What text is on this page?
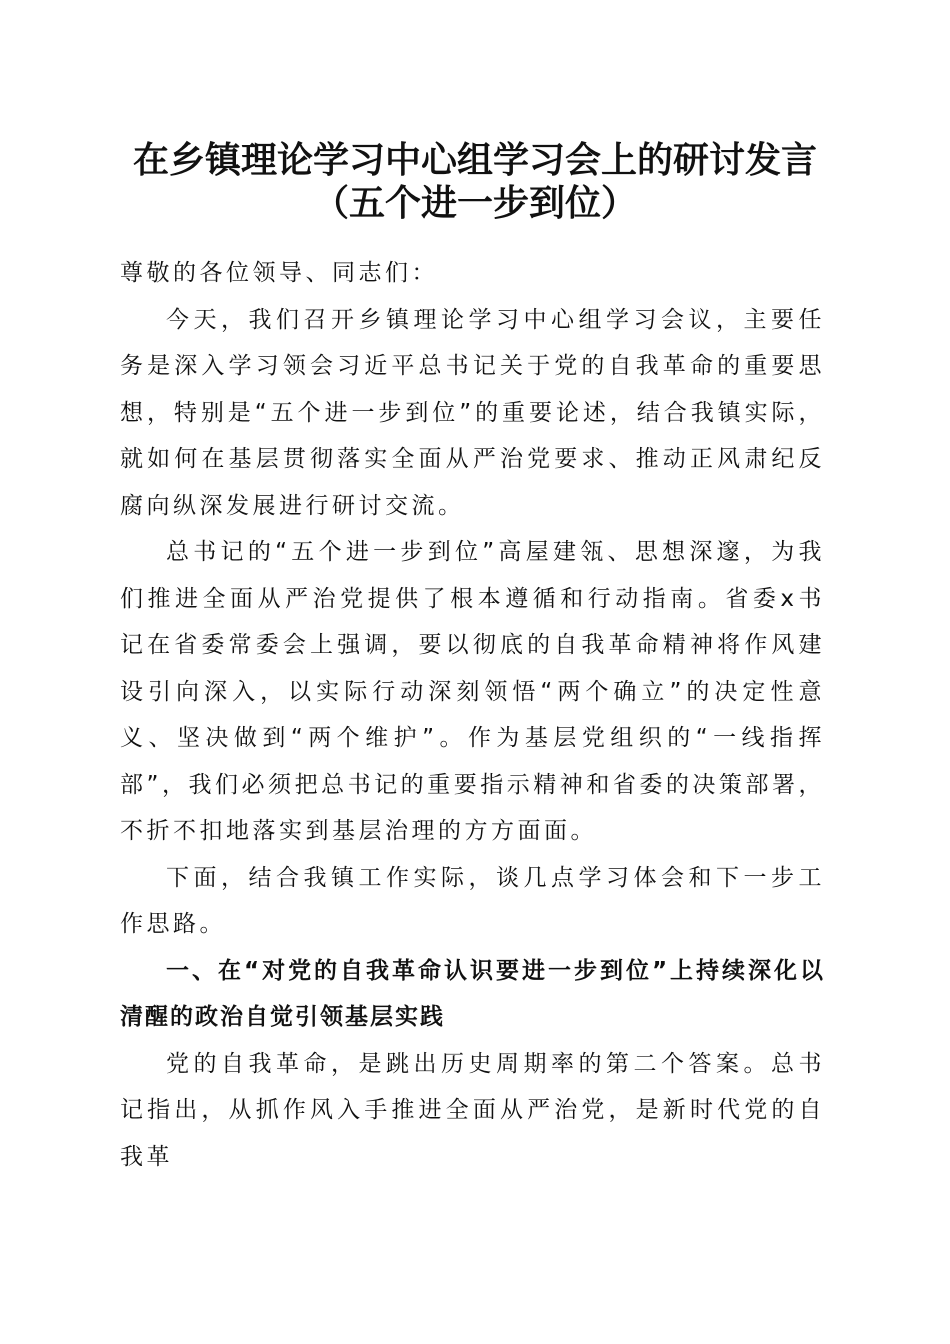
在乡镇理论学习中心组学习会上的研讨发言
（五个进一步到位）

尊敬的各位领导、同志们：

今天，我们召开乡镇理论学习中心组学习会议，主要任务是深入学习领会习近平总书记关于党的自我革命的重要思想，特别是“五个进一步到位”的重要论述，结合我镇实际，就如何在基层贯彻落实全面从严治党要求、推动正风肃纪反腐向纵深发展进行研讨交流。

总书记的“五个进一步到位”高屋建瓴、思想深邃，为我们推进全面从严治党提供了根本遵循和行动指南。省委x书记在省委常委会上强调，要以彻底的自我革命精神将作风建设引向深入，以实际行动深刻领悟“两个确立”的决定性意义、坚决做到“两个维护”。作为基层党组织的“一线指挥部”，我们必须把总书记的重要指示精神和省委的决策部署，不折不扣地落实到基层治理的方方面面。

下面，结合我镇工作实际，谈几点学习体会和下一步工作思路。

一、在“对党的自我革命认识要进一步到位”上持续深化以清醒的政治自觉引领基层实践

党的自我革命，是跳出历史周期率的第二个答案。总书记指出，从抓作风入手推进全面从严治党，是新时代党的自我革
